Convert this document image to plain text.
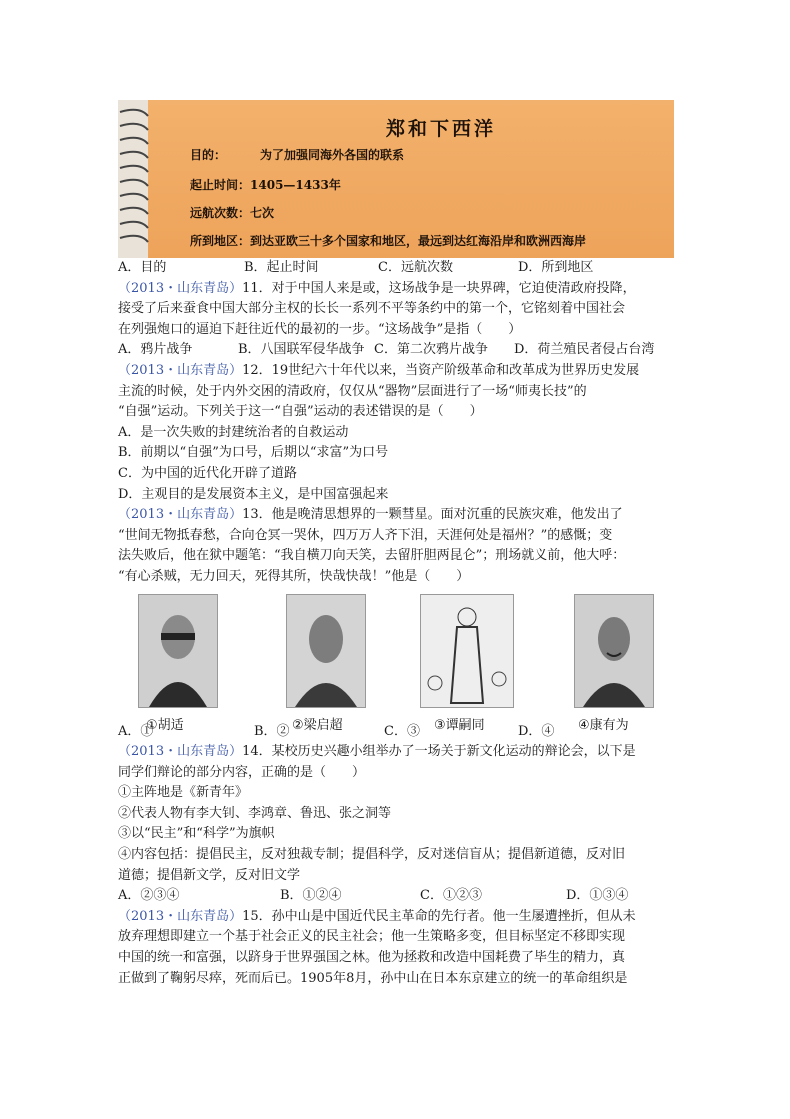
郑和下西洋
目的：	为了加强同海外各国的联系
起止时间：1405—1433年
远航次数：七次
所到地区：到达亚欧三十多个国家和地区，最远到达红海沿岸和欧洲西海岸
A．目的	B．起止时间	C．远航次数	D．所到地区
（2013・山东青岛）11．对于中国人来是或，这场战争是一块界碑，它迫使清政府投降，
接受了后来蚕食中国大部分主权的长长一系列不平等条约中的第一个，它铭刻着中国社会
在列强炮口的逼迫下赶往近代的最初的一步。“这场战争”是指（　　）
A．鸦片战争	B．八国联军侵华战争 C．第二次鸦片战争	D．荷兰殖民者侵占台湾
（2013・山东青岛）12．19世纪六十年代以来，当资产阶级革命和改革成为世界历史发展
主流的时候，处于内外交困的清政府，仅仅从“器物”层面进行了一场“师夷长技”的
“自强”运动。下列关于这一“自强”运动的表述错误的是（　　）
A．是一次失败的封建统治者的自救运动
B．前期以“自强”为口号，后期以“求富”为口号
C．为中国的近代化开辟了道路
D．主观目的是发展资本主义，是中国富强起来
（2013・山东青岛）13．他是晚清思想界的一颗彗星。面对沉重的民族灾难，他发出了
“世间无物抵春愁，合向仓冥一哭休，四万万人齐下泪，天涯何处是福州？”的感慨；变
法失败后，他在狱中题笔：“我自横刀向天笑，去留肝胆两昆仑”；刑场就义前，他大呼：
“有心杀贼，无力回天，死得其所，快哉快哉！”他是（　　）
①胡适	②梁启超	③谭嗣同	④康有为
A．①	B．②	C．③	D．④
（2013・山东青岛）14．某校历史兴趣小组举办了一场关于新文化运动的辩论会，以下是
同学们辩论的部分内容，正确的是（　　）
①主阵地是《新青年》
②代表人物有李大钊、李鸿章、鲁迅、张之洞等
③以“民主”和“科学”为旗帜
④内容包括：提倡民主，反对独裁专制；提倡科学，反对迷信盲从；提倡新道德，反对旧
道德；提倡新文学，反对旧文学
A．②③④	B．①②④	C．①②③	D．①③④
（2013・山东青岛）15．孙中山是中国近代民主革命的先行者。他一生屡遭挫折，但从未
放弃理想即建立一个基于社会正义的民主社会；他一生策略多变，但目标坚定不移即实现
中国的统一和富强，以跻身于世界强国之林。他为拯救和改造中国耗费了毕生的精力，真
正做到了鞠躬尽瘁，死而后已。1905年8月，孙中山在日本东京建立的统一的革命组织是
